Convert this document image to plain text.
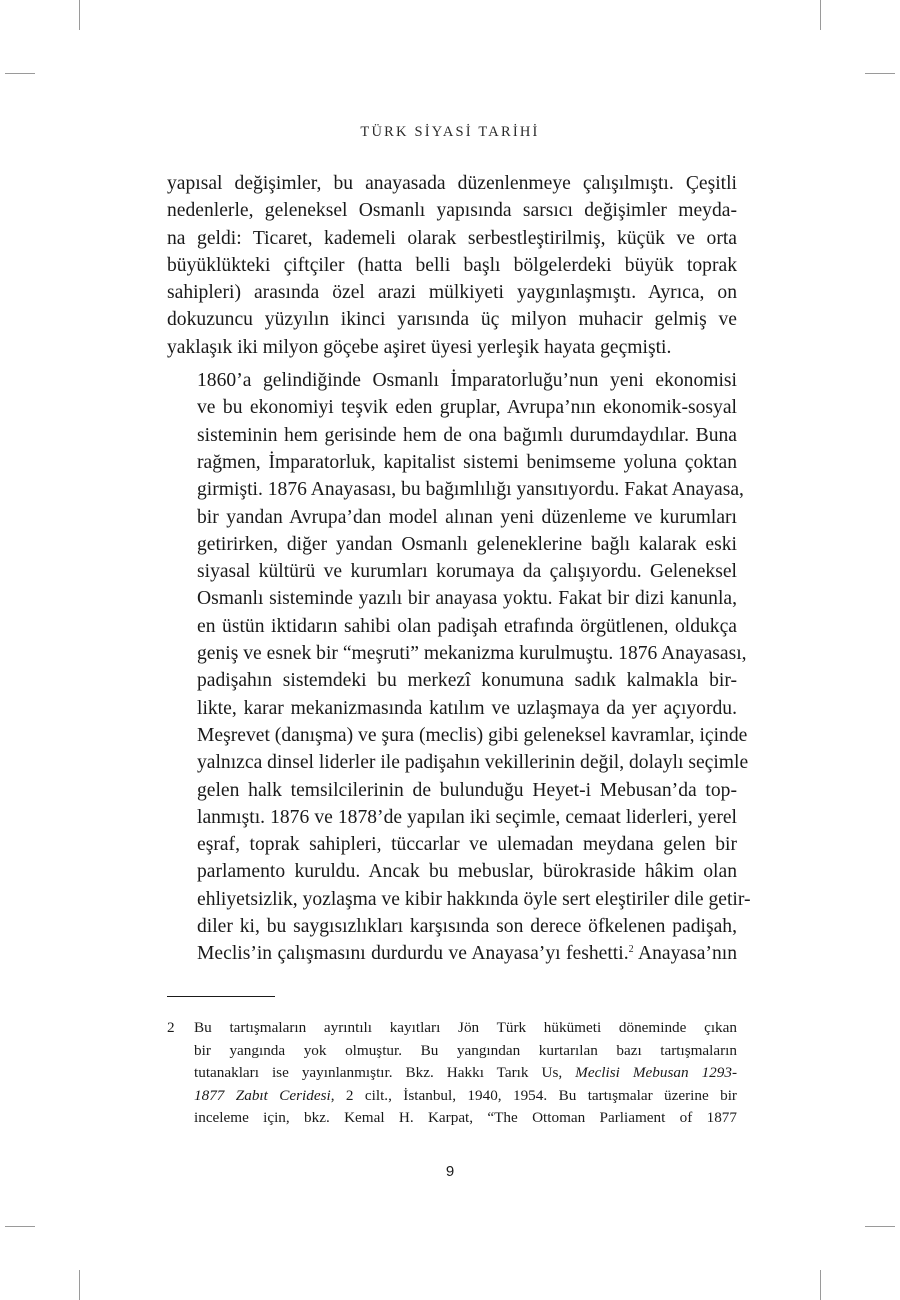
TÜRK SİYASİ TARİHİ

yapısal değişimler, bu anayasada düzenlenmeye çalışılmıştı. Çeşitli
nedenlerle, geleneksel Osmanlı yapısında sarsıcı değişimler meyda-
na geldi: Ticaret, kademeli olarak serbestleştirilmiş, küçük ve orta
büyüklükteki çiftçiler (hatta belli başlı bölgelerdeki büyük toprak
sahipleri) arasında özel arazi mülkiyeti yaygınlaşmıştı. Ayrıca, on
dokuzuncu yüzyılın ikinci yarısında üç milyon muhacir gelmiş ve
yaklaşık iki milyon göçebe aşiret üyesi yerleşik hayata geçmişti.

1860’a gelindiğinde Osmanlı İmparatorluğu’nun yeni ekonomisi
ve bu ekonomiyi teşvik eden gruplar, Avrupa’nın ekonomik-sosyal
sisteminin hem gerisinde hem de ona bağımlı durumdaydılar. Buna
rağmen, İmparatorluk, kapitalist sistemi benimseme yoluna çoktan
girmişti. 1876 Anayasası, bu bağımlılığı yansıtıyordu. Fakat Anayasa,
bir yandan Avrupa’dan model alınan yeni düzenleme ve kurumları
getirirken, diğer yandan Osmanlı geleneklerine bağlı kalarak eski
siyasal kültürü ve kurumları korumaya da çalışıyordu. Geleneksel
Osmanlı sisteminde yazılı bir anayasa yoktu. Fakat bir dizi kanunla,
en üstün iktidarın sahibi olan padişah etrafında örgütlenen, oldukça
geniş ve esnek bir “meşruti” mekanizma kurulmuştu. 1876 Anayasası,
padişahın sistemdeki bu merkezî konumuna sadık kalmakla bir-
likte, karar mekanizmasında katılım ve uzlaşmaya da yer açıyordu.
Meşrevet (danışma) ve şura (meclis) gibi geleneksel kavramlar, içinde
yalnızca dinsel liderler ile padişahın vekillerinin değil, dolaylı seçimle
gelen halk temsilcilerinin de bulunduğu Heyet-i Mebusan’da top-
lanmıştı. 1876 ve 1878’de yapılan iki seçimle, cemaat liderleri, yerel
eşraf, toprak sahipleri, tüccarlar ve ulemadan meydana gelen bir
parlamento kuruldu. Ancak bu mebuslar, bürokraside hâkim olan
ehliyetsizlik, yozlaşma ve kibir hakkında öyle sert eleştiriler dile getir-
diler ki, bu saygısızlıkları karşısında son derece öfkelenen padişah,
Meclis’in çalışmasını durdurdu ve Anayasa’yı feshetti.$^2$ Anayasa’nın

2 Bu tartışmaların ayrıntılı kayıtları Jön Türk hükümeti döneminde çıkan
bir yangında yok olmuştur. Bu yangından kurtarılan bazı tartışmaların
tutanakları ise yayınlanmıştır. Bkz. Hakkı Tarık Us, Meclisi Mebusan 1293-
1877 Zabıt Ceridesi, 2 cilt., İstanbul, 1940, 1954. Bu tartışmalar üzerine bir
inceleme için, bkz. Kemal H. Karpat, “The Ottoman Parliament of 1877
9
